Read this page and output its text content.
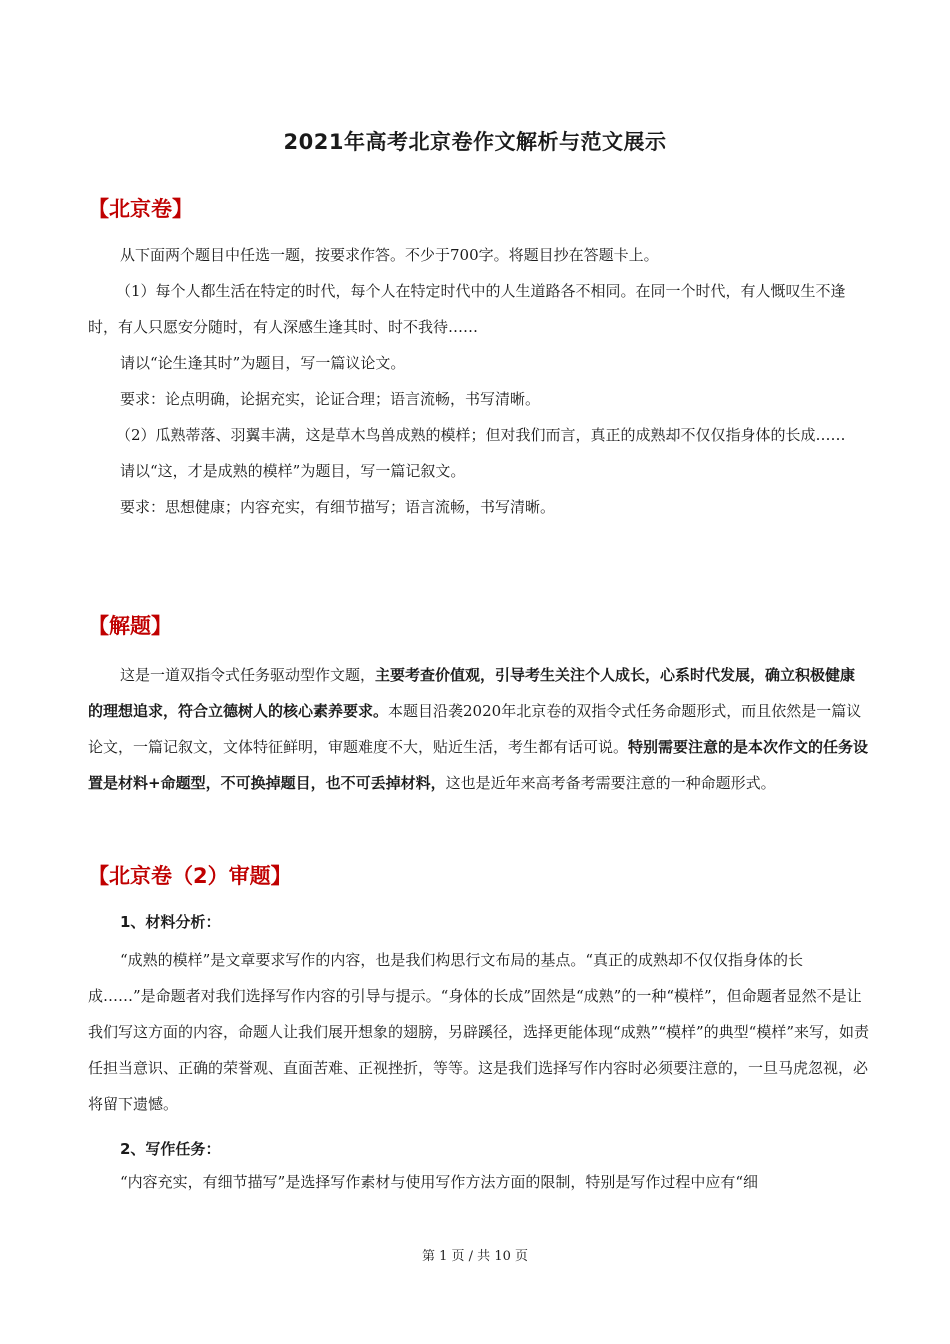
2021年高考北京卷作文解析与范文展示
【北京卷】

从下面两个题目中任选一题，按要求作答。不少于700字。将题目抄在答题卡上。

（1）每个人都生活在特定的时代，每个人在特定时代中的人生道路各不相同。在同一个时代，有人慨叹生不逢时，有人只愿安分随时，有人深感生逢其时、时不我待……

请以“论生逢其时”为题目，写一篇议论文。

要求：论点明确，论据充实，论证合理；语言流畅，书写清晰。

（2）瓜熟蒂落、羽翼丰满，这是草木鸟兽成熟的模样；但对我们而言，真正的成熟却不仅仅指身体的长成……

请以“这，才是成熟的模样”为题目，写一篇记叙文。

要求：思想健康；内容充实，有细节描写；语言流畅，书写清晰。

【解题】

这是一道双指令式任务驱动型作文题，主要考查价值观，引导考生关注个人成长，心系时代发展，确立积极健康的理想追求，符合立德树人的核心素养要求。本题目沿袭2020年北京卷的双指令式任务命题形式，而且依然是一篇议论文，一篇记叙文，文体特征鲜明，审题难度不大，贴近生活，考生都有话可说。特别需要注意的是本次作文的任务设置是材料+命题型，不可换掉题目，也不可丢掉材料，这也是近年来高考备考需要注意的一种命题形式。

【北京卷（2）审题】
1、材料分析：

“成熟的模样”是文章要求写作的内容，也是我们构思行文布局的基点。“真正的成熟却不仅仅指身体的长成……”是命题者对我们选择写作内容的引导与提示。“身体的长成”固然是“成熟”的一种“模样”，但命题者显然不是让我们写这方面的内容，命题人让我们展开想象的翅膀，另辟蹊径，选择更能体现“成熟”“模样”的典型“模样”来写，如责任担当意识、正确的荣誉观、直面苦难、正视挫折，等等。这是我们选择写作内容时必须要注意的，一旦马虎忽视，必将留下遗憾。

2、写作任务：

“内容充实，有细节描写”是选择写作素材与使用写作方法方面的限制，特别是写作过程中应有“细

第 1 页 / 共 10 页
